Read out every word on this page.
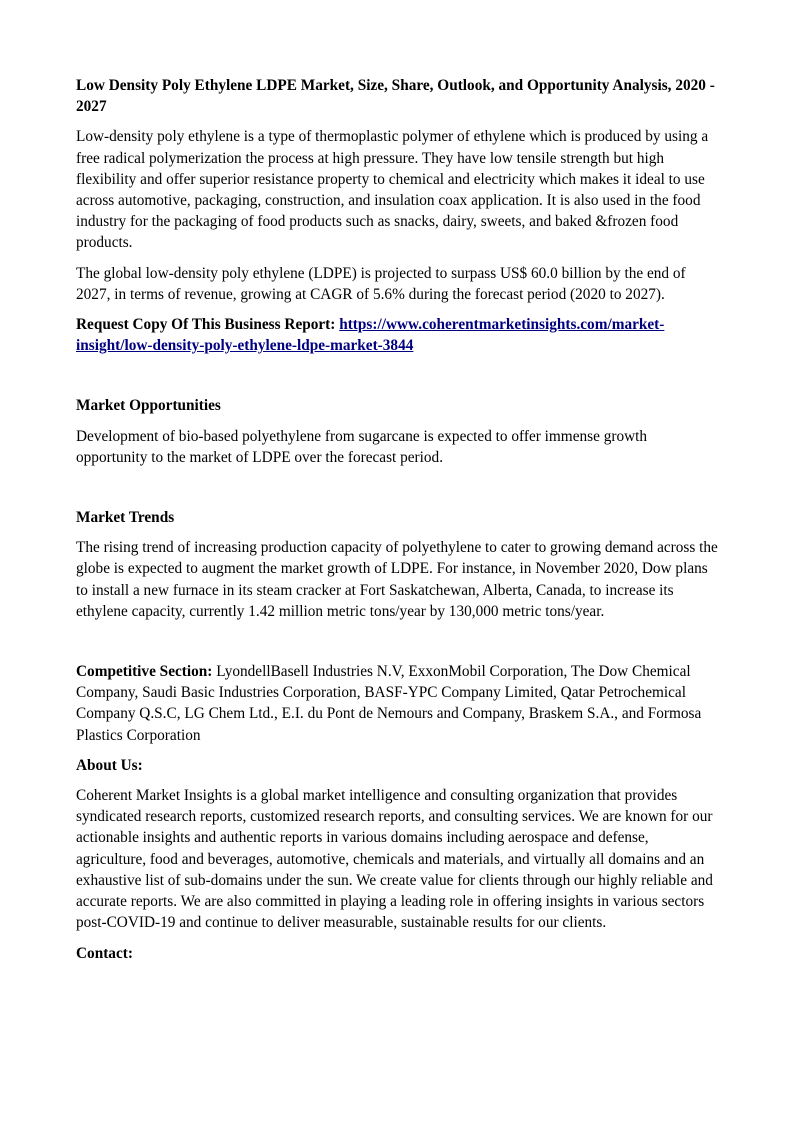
Low Density Poly Ethylene LDPE Market, Size, Share, Outlook, and Opportunity Analysis, 2020 - 2027

Low-density poly ethylene is a type of thermoplastic polymer of ethylene which is produced by using a free radical polymerization the process at high pressure. They have low tensile strength but high flexibility and offer superior resistance property to chemical and electricity which makes it ideal to use across automotive, packaging, construction, and insulation coax application. It is also used in the food industry for the packaging of food products such as snacks, dairy, sweets, and baked &frozen food products.

The global low-density poly ethylene (LDPE) is projected to surpass US$ 60.0 billion by the end of 2027, in terms of revenue, growing at CAGR of 5.6% during the forecast period (2020 to 2027).

Request Copy Of This Business Report: https://www.coherentmarketinsights.com/market-insight/low-density-poly-ethylene-ldpe-market-3844

Market Opportunities

Development of bio-based polyethylene from sugarcane is expected to offer immense growth opportunity to the market of LDPE over the forecast period.

Market Trends

The rising trend of increasing production capacity of polyethylene to cater to growing demand across the globe is expected to augment the market growth of LDPE. For instance, in November 2020, Dow plans to install a new furnace in its steam cracker at Fort Saskatchewan, Alberta, Canada, to increase its ethylene capacity, currently 1.42 million metric tons/year by 130,000 metric tons/year.

Competitive Section: LyondellBasell Industries N.V, ExxonMobil Corporation, The Dow Chemical Company, Saudi Basic Industries Corporation, BASF-YPC Company Limited, Qatar Petrochemical Company Q.S.C, LG Chem Ltd., E.I. du Pont de Nemours and Company, Braskem S.A., and Formosa Plastics Corporation

About Us:

Coherent Market Insights is a global market intelligence and consulting organization that provides syndicated research reports, customized research reports, and consulting services. We are known for our actionable insights and authentic reports in various domains including aerospace and defense, agriculture, food and beverages, automotive, chemicals and materials, and virtually all domains and an exhaustive list of sub-domains under the sun. We create value for clients through our highly reliable and accurate reports. We are also committed in playing a leading role in offering insights in various sectors post-COVID-19 and continue to deliver measurable, sustainable results for our clients.

Contact:
